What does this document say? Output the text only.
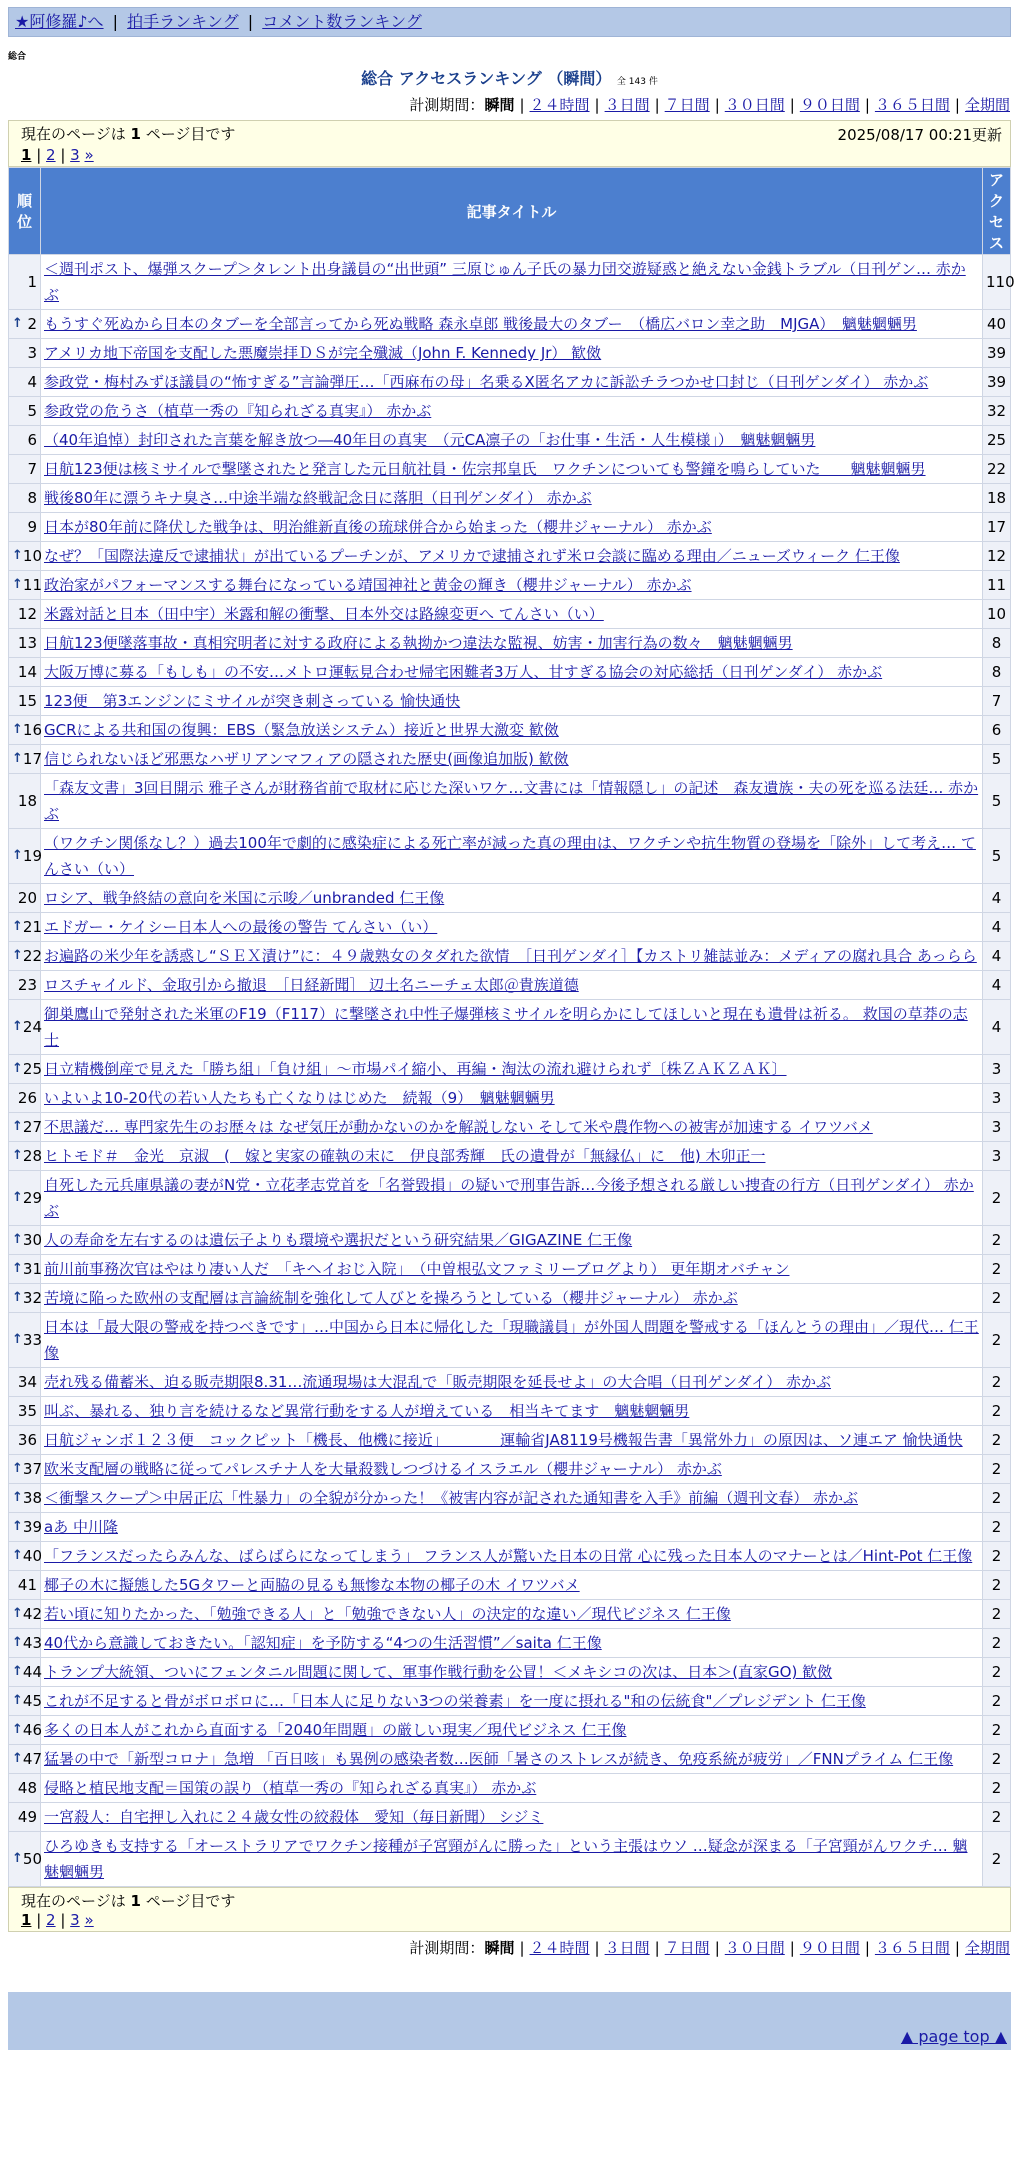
★阿修羅♪へ | 拍手ランキング | コメント数ランキング
総合
総合 アクセスランキング （瞬間） 全 143 件
計測期間：瞬間 | ２４時間 | ３日間 | ７日間 | ３０日間 | ９０日間 | ３６５日間 | 全期間
現在のページは 1 ページ目です	2025/08/17 00:21更新
1 | 2 | 3 »
順位	記事タイトル	アクセス
1	＜週刊ポスト、爆弾スクープ＞タレント出身議員の“出世頭” 三原じゅん子氏の暴力団交遊疑惑と絶えない金銭トラブル（日刊ゲン… 赤かぶ	110

↑ 2	もうすぐ死ぬから日本のタブーを全部言ってから死ぬ戦略 森永卓郎 戦後最大のタブー　（橋広バロン幸之助　MJGA）　魑魅魍魎男	40
3	アメリカ地下帝国を支配した悪魔崇拝ＤＳが完全殲滅（John F. Kennedy Jr） 歓傚	39
4	参政党・梅村みずほ議員の“怖すぎる”言論弾圧…「西麻布の母」名乗るX匿名アカに訴訟チラつかせ口封じ（日刊ゲンダイ） 赤かぶ	39
5	参政党の危うさ（植草一秀の『知られざる真実』） 赤かぶ	32
6	（40年追悼）封印された言葉を解き放つ―40年目の真実　（元CA凛子の「お仕事・生活・人生模様」）　魑魅魍魎男	25
7	日航123便は核ミサイルで撃墜されたと発言した元日航社員・佐宗邦皇氏　ワクチンについても警鐘を鳴らしていた　　魑魅魍魎男	22
8	戦後80年に漂うキナ臭さ…中途半端な終戦記念日に落胆（日刊ゲンダイ） 赤かぶ	18
9	日本が80年前に降伏した戦争は、明治維新直後の琉球併合から始まった（櫻井ジャーナル） 赤かぶ	17

↑ 10	なぜ？「国際法違反で逮捕状」が出ているプーチンが、アメリカで逮捕されず米ロ会談に臨める理由／ニューズウィーク 仁王像	12

↑ 11	政治家がパフォーマンスする舞台になっている靖国神社と黄金の輝き（櫻井ジャーナル） 赤かぶ	11
12	米露対話と日本（田中宇）米露和解の衝撃、日本外交は路線変更へ てんさい（い）	10
13	日航123便墜落事故・真相究明者に対する政府による執拗かつ違法な監視、妨害・加害行為の数々　魑魅魍魎男	8
14	大阪万博に募る「もしも」の不安…メトロ運転見合わせ帰宅困難者3万人、甘すぎる協会の対応総括（日刊ゲンダイ） 赤かぶ	8
15	123便　第3エンジンにミサイルが突き刺さっている 愉快通快	7

↑ 16	GCRによる共和国の復興：EBS（緊急放送システム）接近と世界大激変 歓傚	6

↑ 17	信じられないほど邪悪なハザリアンマフィアの隠された歴史(画像追加版) 歓傚	5
18	「森友文書」3回目開示 雅子さんが財務省前で取材に応じた深いワケ…文書には「情報隠し」の記述　森友遺族・夫の死を巡る法廷… 赤かぶ	5

↑ 19	（ワクチン関係なし？）過去100年で劇的に感染症による死亡率が減った真の理由は、ワクチンや抗生物質の登場を「除外」して考え… てんさい（い）	5
20	ロシア、戦争終結の意向を米国に示唆／unbranded 仁王像	4

↑ 21	エドガー・ケイシー日本人への最後の警告 てんさい（い）	4

↑ 22	お遍路の米少年を誘惑し“ＳＥＸ漬け”に：４９歳熟女のタダれた欲情　［日刊ゲンダイ］【カストリ雑誌並み：メディアの腐れ具合 あっらら	4
23	ロスチャイルド、金取引から撤退　［日経新聞］ 辺土名ニーチェ太郎＠貴族道德	4

↑ 24	御巣鷹山で発射された米軍のF19（F117）に撃墜され中性子爆弾核ミサイルを明らかにしてほしいと現在も遺骨は祈る。 救国の草莽の志士	4

↑ 25	日立精機倒産で見えた「勝ち組」「負け組」～市場パイ縮小、再編・淘汰の流れ避けられず〔株ＺＡＫＺＡＫ〕	3
26	いよいよ10-20代の若い人たちも亡くなりはじめた　続報（9）　魑魅魍魎男	3

↑ 27	不思議だ… 専門家先生のお歴々は なぜ気圧が動かないのかを解説しない そして米や農作物への被害が加速する イワツバメ	3

↑ 28	ヒトモド＃　金光　京淑　(　嫁と実家の確執の末に　伊良部秀輝　氏の遺骨が「無縁仏」に　他) 木卯正一	3

↑ 29	自死した元兵庫県議の妻がN党・立花孝志党首を「名誉毀損」の疑いで刑事告訴…今後予想される厳しい捜査の行方（日刊ゲンダイ） 赤かぶ	2

↑ 30	人の寿命を左右するのは遺伝子よりも環境や選択だという研究結果／GIGAZINE 仁王像	2

↑ 31	前川前事務次官はやはり凄い人だ　「キヘイおじ入院」　（中曽根弘文ファミリーブログより） 更年期オバチャン	2

↑ 32	苦境に陥った欧州の支配層は言論統制を強化して人びとを操ろうとしている（櫻井ジャーナル） 赤かぶ	2

↑ 33	日本は「最大限の警戒を持つべきです」…中国から日本に帰化した「現職議員」が外国人問題を警戒する「ほんとうの理由」／現代… 仁王像	2
34	売れ残る備蓄米、迫る販売期限8.31…流通現場は大混乱で「販売期限を延長せよ」の大合唱（日刊ゲンダイ） 赤かぶ	2
35	叫ぶ、暴れる、独り言を続けるなど異常行動をする人が増えている　相当キてます　魑魅魍魎男	2
36	日航ジャンボ１２３便　コックピット「機長、他機に接近」　　　　運輸省JA8119号機報告書「異常外力」の原因は、ソ連エア 愉快通快	2

↑ 37	欧米支配層の戦略に従ってパレスチナ人を大量殺戮しつづけるイスラエル（櫻井ジャーナル） 赤かぶ	2

↑ 38	＜衝撃スクープ＞中居正広「性暴力」の全貌が分かった！《被害内容が記された通知書を入手》前編（週刊文春） 赤かぶ	2

↑ 39	aあ 中川隆	2

↑ 40	「フランスだったらみんな、ばらばらになってしまう」 フランス人が驚いた日本の日常 心に残った日本人のマナーとは／Hint-Pot 仁王像	2
41	椰子の木に擬態した5Gタワーと両脇の見るも無惨な本物の椰子の木 イワツバメ	2

↑ 42	若い頃に知りたかった、「勉強できる人」と「勉強できない人」の決定的な違い／現代ビジネス 仁王像	2

↑ 43	40代から意識しておきたい。「認知症」を予防する“4つの生活習慣”／saita 仁王像	2

↑ 44	トランプ大統領、ついにフェンタニル問題に関して、軍事作戦行動を公冒！＜メキシコの次は、日本＞(直家GO) 歓傚	2

↑ 45	これが不足すると骨がボロボロに…「日本人に足りない3つの栄養素」を一度に摂れる"和の伝統食"／プレジデント 仁王像	2

↑ 46	多くの日本人がこれから直面する「2040年問題」の厳しい現実／現代ビジネス 仁王像	2

↑ 47	猛暑の中で「新型コロナ」急増 「百日咳」も異例の感染者数…医師「暑さのストレスが続き、免疫系統が疲労」／FNNプライム 仁王像	2
48	侵略と植民地支配＝国策の誤り（植草一秀の『知られざる真実』） 赤かぶ	2
49	一宮殺人：自宅押し入れに２４歳女性の絞殺体　愛知（毎日新聞） シジミ	2

↑ 50	ひろゆきも支持する「オーストラリアでワクチン接種が子宮頸がんに勝った」という主張はウソ …疑念が深まる「子宮頸がんワクチ… 魑魅魍魎男	2
現在のページは 1 ページ目です
1 | 2 | 3 »
計測期間：瞬間 | ２４時間 | ３日間 | ７日間 | ３０日間 | ９０日間 | ３６５日間 | 全期間
▲ page top ▲
